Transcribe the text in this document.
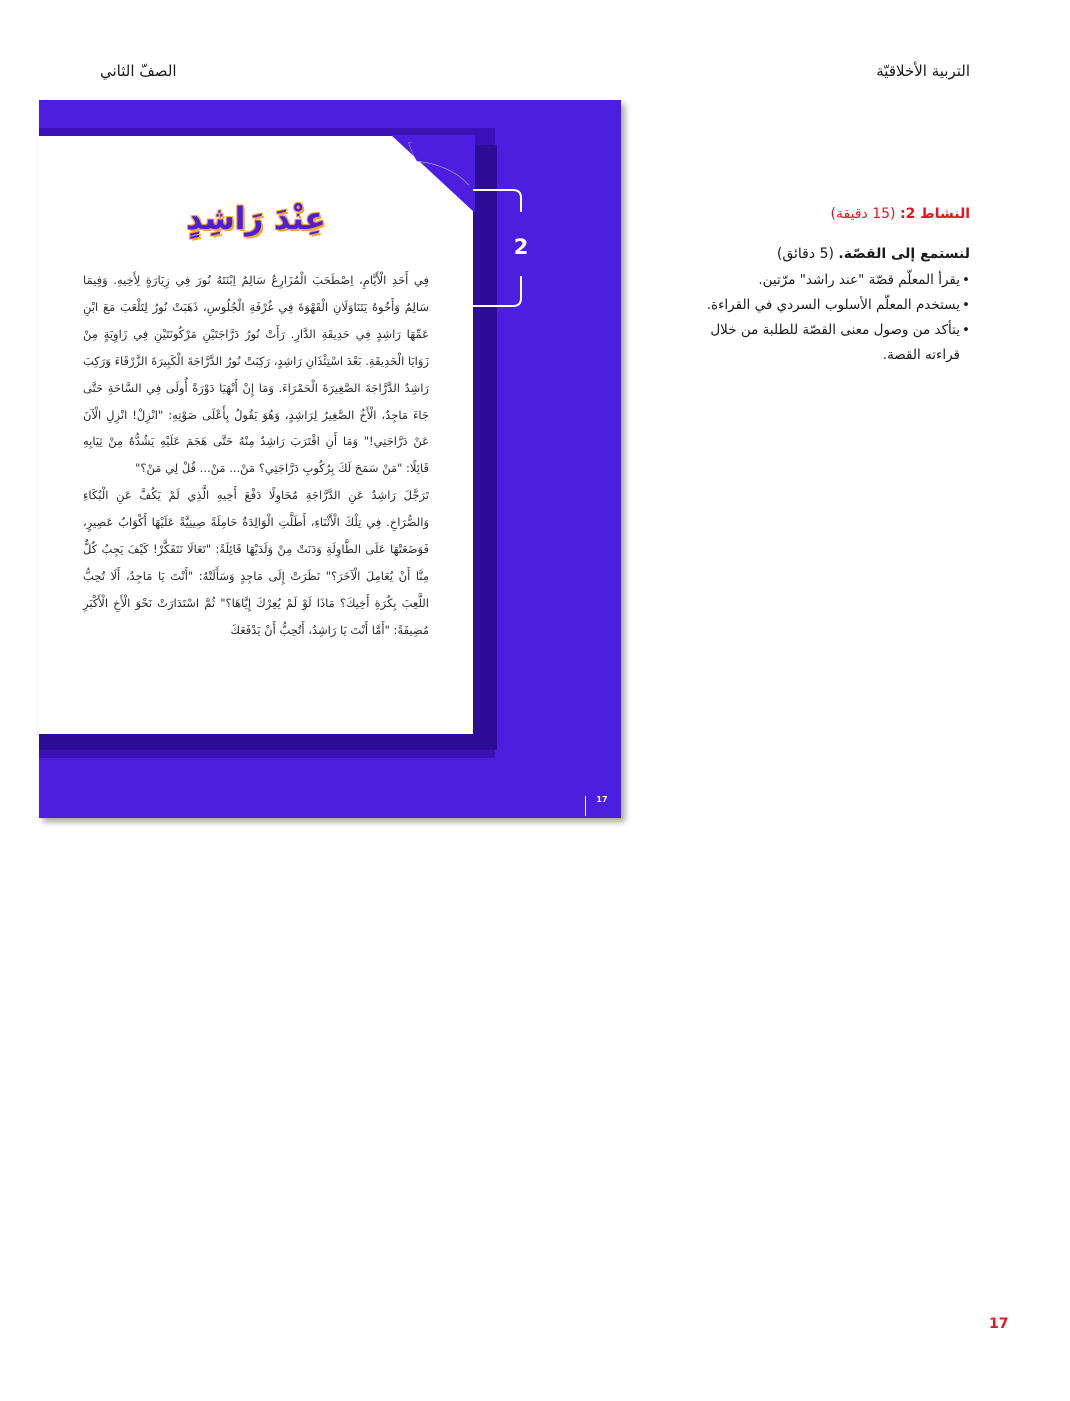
التربية الأخلاقيّة
الصفّ الثاني
عِنْدَ رَاشِدٍ

فِي أَحَدِ الْأَيَّامِ، اِصْطَحَبَ الْمُزَارِعُ سَالِمٌ اِبْنَتَهُ نُورَ فِي زِيَارَةٍ لِأَخِيهِ. وَفِيمَا سَالِمٌ وَأَخُوهُ يَتَنَاوَلَانِ الْقَهْوَةَ فِي غُرْفَةِ الْجُلُوسِ، ذَهَبَتْ نُورُ لِتَلْعَبَ مَعَ ابْنِ عَمِّهَا رَاشِدٍ فِي حَدِيقَةِ الدَّارِ. رَأَتْ نُورُ دَرَّاجَتَيْنِ مَرْكُونَتَيْنِ فِي زَاوِيَةٍ مِنْ زَوَايَا الْحَدِيقَةِ. بَعْدَ اسْتِئْذَانِ رَاشِدٍ، رَكِبَتْ نُورُ الدَّرَّاجَةَ الْكَبِيرَةَ الزَّرْقَاءَ وَرَكِبَ رَاشِدٌ الدَّرَّاجَةَ الصَّغِيرَةَ الْحَمْرَاءَ. وَمَا إِنْ أَنْهَيَا دَوْرَةً أُولَى فِي السَّاحَةِ حَتَّى جَاءَ مَاجِدٌ، الْأَخُ الصَّغِيرُ لِرَاشِدٍ، وَهُوَ يَقُولُ بِأَعْلَى صَوْتِهِ: "انْزِلْ! انْزِلِ الْآنَ عَنْ دَرَّاجَتِي!" وَمَا أَنِ اقْتَرَبَ رَاشِدٌ مِنْهُ حَتَّى هَجَمَ عَلَيْهِ يَشُدُّهُ مِنْ ثِيَابِهِ قَائِلًا: "مَنْ سَمَحَ لَكَ بِرُكُوبِ دَرَّاجَتِي؟ مَنْ... مَنْ... قُلْ لِي مَنْ؟"

تَرَجَّلَ رَاشِدٌ عَنِ الدَّرَّاجَةِ مُحَاوِلًا دَفْعَ أَخِيهِ الَّذِي لَمْ يَكُفَّ عَنِ الْبُكَاءِ وَالصُّرَاخِ. فِي تِلْكَ الْأَثْنَاءِ، أَطَلَّتِ الْوَالِدَةُ حَامِلَةً صِينِيَّةً عَلَيْهَا أَكْوَابُ عَصِيرٍ، فَوَضَعَتْهَا عَلَى الطَّاوِلَةِ وَدَنَتْ مِنْ وَلَدَيْهَا قَائِلَةً: "تَعَالَا نَتَفَكَّرْ! كَيْفَ يَجِبُ كُلٌّ مِنَّا أَنْ يُعَامِلَ الْآخَرَ؟" نَظَرَتْ إِلَى مَاجِدٍ وَسَأَلَتْهُ: "أَنْتَ يَا مَاجِدُ، أَلَا تُحِبُّ اللَّعِبَ بِكُرَةِ أَخِيكَ؟ مَاذَا لَوْ لَمْ يُعِرْكَ إِيَّاهَا؟" ثُمَّ اسْتَدَارَتْ نَحْوَ الْأَخِ الْأَكْبَرِ مُضِيفَةً: "أَمَّا أَنْتَ يَا رَاشِدُ، أَتُحِبُّ أَنْ يَدْفَعَكَ

2
17
النشاط 2: (15 دقيقة)
لنستمع إلى القصّة. (5 دقائق)
• يقرأ المعلّم قصّة "عند راشد" مرّتين.
• يستخدم المعلّم الأسلوب السردي في القراءة.
• يتأكد من وصول معنى القصّة للطلبة من خلال قراءته القصة.
17
